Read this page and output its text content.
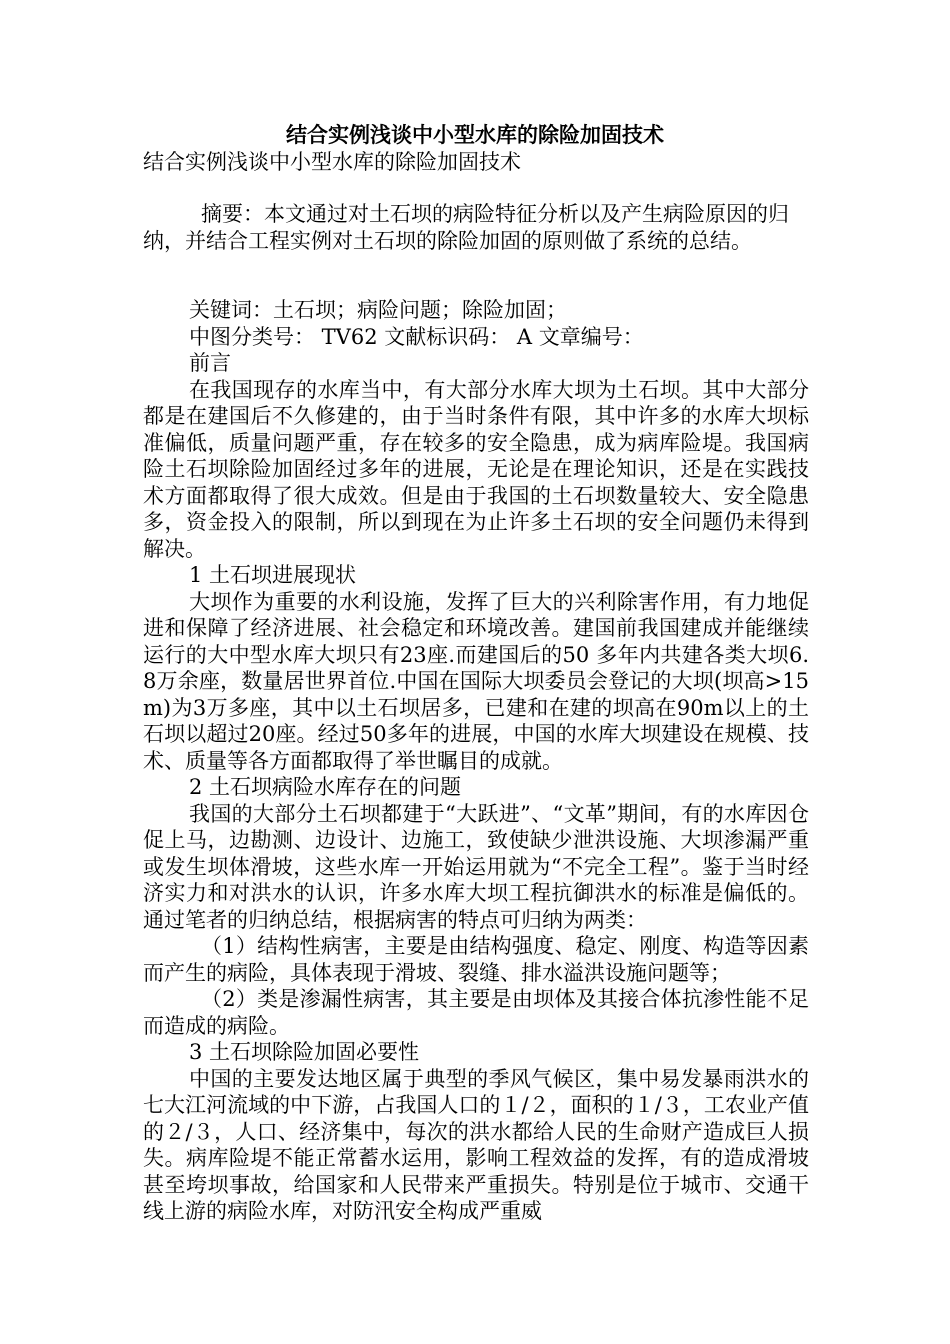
结合实例浅谈中小型水库的除险加固技术
结合实例浅谈中小型水库的除险加固技术
摘要：本文通过对土石坝的病险特征分析以及产生病险原因的归纳，并结合工程实例对土石坝的除险加固的原则做了系统的总结。

关键词：土石坝；病险问题；除险加固；

中图分类号： TV62 文献标识码： A 文章编号：

前言

在我国现存的水库当中，有大部分水库大坝为土石坝。其中大部分都是在建国后不久修建的，由于当时条件有限，其中许多的水库大坝标准偏低，质量问题严重，存在较多的安全隐患，成为病库险堤。我国病险土石坝除险加固经过多年的进展，无论是在理论知识，还是在实践技术方面都取得了很大成效。但是由于我国的土石坝数量较大、安全隐患多，资金投入的限制，所以到现在为止许多土石坝的安全问题仍未得到解决。

1 土石坝进展现状

大坝作为重要的水利设施，发挥了巨大的兴利除害作用，有力地促进和保障了经济进展、社会稳定和环境改善。建国前我国建成并能继续运行的大中型水库大坝只有23座.而建国后的50 多年内共建各类大坝6.8万余座，数量居世界首位.中国在国际大坝委员会登记的大坝(坝高>15 m)为3万多座，其中以土石坝居多，已建和在建的坝高在90m以上的土石坝以超过20座。经过50多年的进展，中国的水库大坝建设在规模、技术、质量等各方面都取得了举世瞩目的成就。

2 土石坝病险水库存在的问题

我国的大部分土石坝都建于“大跃进”、“文革”期间，有的水库因仓促上马，边勘测、边设计、边施工，致使缺少泄洪设施、大坝渗漏严重或发生坝体滑坡，这些水库一开始运用就为“不完全工程”。鉴于当时经济实力和对洪水的认识，许多水库大坝工程抗御洪水的标准是偏低的。通过笔者的归纳总结，根据病害的特点可归纳为两类：

（1）结构性病害，主要是由结构强度、稳定、刚度、构造等因素而产生的病险，具体表现于滑坡、裂缝、排水溢洪设施问题等；

（2）类是渗漏性病害，其主要是由坝体及其接合体抗渗性能不足而造成的病险。

3 土石坝除险加固必要性

中国的主要发达地区属于典型的季风气候区，集中易发暴雨洪水的七大江河流域的中下游，占我国人口的１/２，面积的１/３，工农业产值的２/３，人口、经济集中，每次的洪水都给人民的生命财产造成巨人损失。病库险堤不能正常蓄水运用，影响工程效益的发挥，有的造成滑坡甚至垮坝事故，给国家和人民带来严重损失。特别是位于城市、交通干线上游的病险水库，对防汛安全构成严重威
